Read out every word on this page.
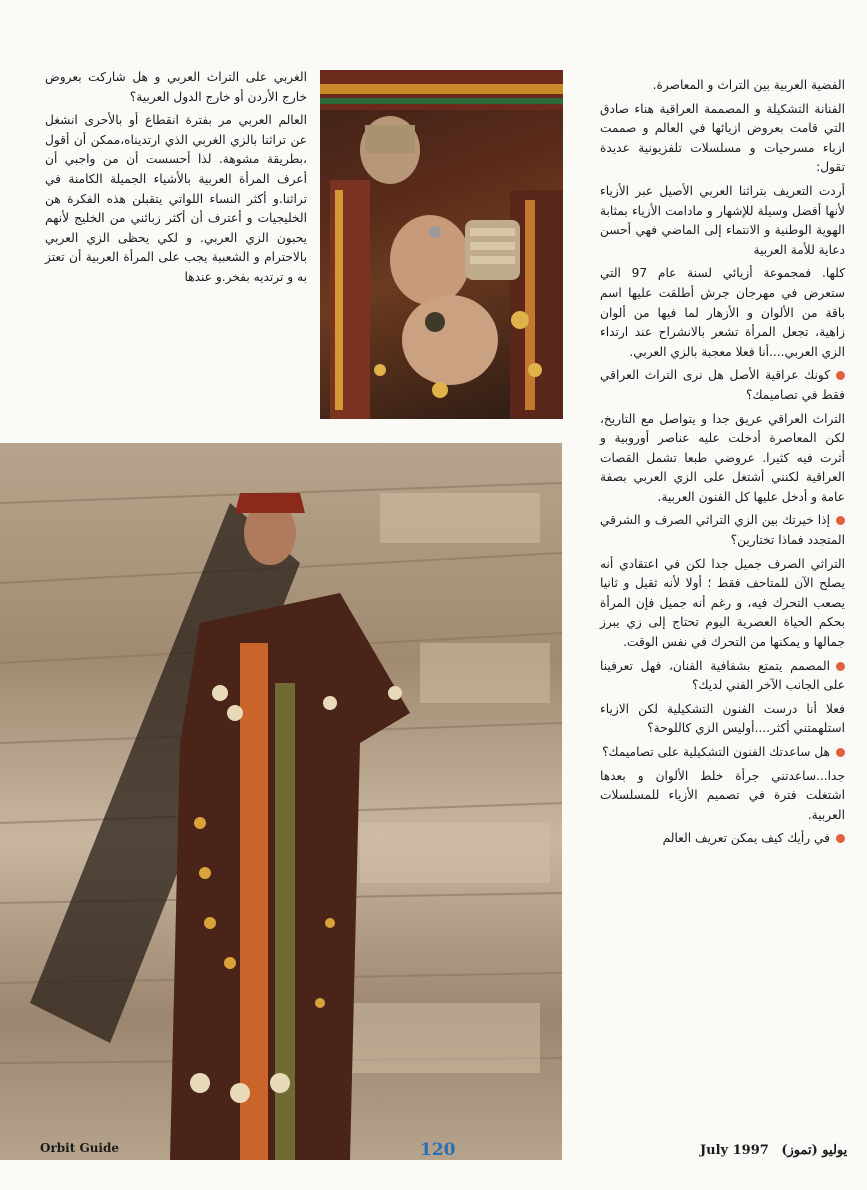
الفضية العربية بين التراث و المعاصرة.

الفنانة التشكيلة و المصممة العراقية هناء صادق التي قامت بعروض ازيائها في العالم و صممت ازياء مسرحيات و مسلسلات تلفزيونية عديدة تقول:

أردت التعريف بتراثنا العربي الأصيل عبر الأزياء لأنها أفضل وسيلة للإشهار و مادامت الأزياء بمثابة الهوية الوطنية و الانتماء إلى الماضي فهي أحسن دعاية للأمة العربية

كلها. فمجموعة أزيائي لسنة عام 97 التي ستعرض في مهرجان جرش أطلقت عليها اسم باقة من الألوان و الأزهار لما فيها من ألوان زاهية، تجعل المرأة تشعر بالانشراح عند ارتداء الزي العربي....أنا فعلا معجبة بالزي العربي.

كونك عراقية الأصل هل نرى التراث العراقي فقط في تصاميمك؟

التراث العراقي عريق جدا و يتواصل مع التاريخ، لكن المعاصرة أدخلت عليه عناصر أوروبية و أثرت فيه كثيرا. عروضي طبعا تشمل القصات العراقية لكنني أشتغل على الزي العربي بصفة عامة و أدخل عليها كل الفنون العربية.

إذا خيرتك بين الزي التراثي الصرف و الشرقي المتجدد فماذا تختارين؟

التراثي الصرف جميل جدا لكن في اعتقادي أنه يصلح الآن للمتاحف فقط ؛ أولا لأنه ثقيل و ثانيا يصعب التحرك فيه، و رغم أنه جميل فإن المرأة بحكم الحياة العصرية اليوم تحتاج إلى زي يبرز جمالها و يمكنها من التحرك في نفس الوقت.

المصمم يتمتع بشفافية الفنان، فهل تعرفينا على الجانب الآخر الفني لديك؟

فعلا أنا درست الفنون التشكيلية لكن الازياء استلهمتني أكثر....أوليس الزي كاللوحة؟

هل ساعدتك الفنون التشكيلية على تصاميمك؟

جدا...ساعدتني جرأة خلط الألوان و بعدها اشتغلت فترة في تصميم الأزياء للمسلسلات العربية.

في رأيك كيف يمكن تعريف العالم

الغربي على التراث العربي و هل شاركت بعروض خارج الأردن أو خارج الدول العربية؟

العالم العربي مر بفترة انقطاع أو بالأحرى انشغل عن تراثنا بالزي الغربي الذي ارتديناه،ممكن أن أقول ،بطريقة مشوهة. لذا أحسست أن من واجبي أن أعرف المرأة العربية بالأشياء الجميلة الكامنة في تراثنا.و أكثر النساء اللواتي يتقبلن هذه الفكرة هن الخليجيات و أعترف أن أكثر زبائني من الخليج لأنهم يحبون الزي العربي. و لكي يحظى الزي العربي بالاحترام و الشعبية يجب على المرأة العربية أن تعتز به و ترتديه بفخر.و عندها

Orbit Guide	120	يوليو (تموز) July 1997
